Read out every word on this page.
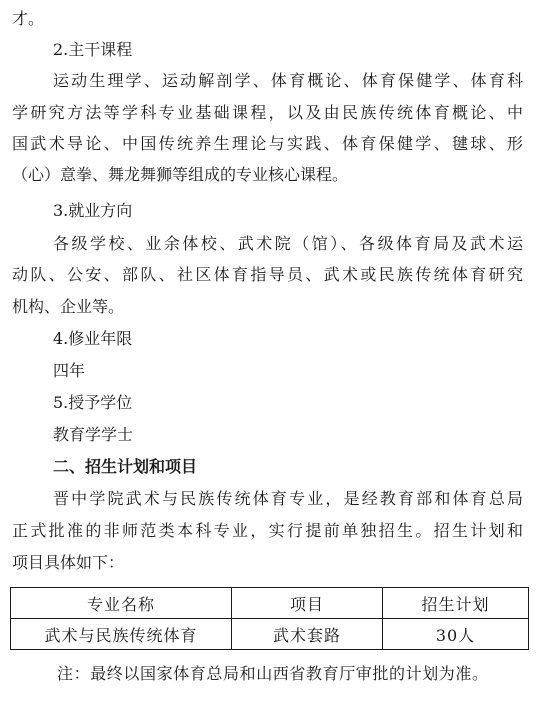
才。
2.主干课程
运动生理学、运动解剖学、体育概论、体育保健学、体育科
学研究方法等学科专业基础课程，以及由民族传统体育概论、中
国武术导论、中国传统养生理论与实践、体育保健学、毽球、形
（心）意拳、舞龙舞狮等组成的专业核心课程。
3.就业方向
各级学校、业余体校、武术院（馆）、各级体育局及武术运
动队、公安、部队、社区体育指导员、武术或民族传统体育研究
机构、企业等。
4.修业年限
四年
5.授予学位
教育学学士
二、招生计划和项目
晋中学院武术与民族传统体育专业，是经教育部和体育总局
正式批准的非师范类本科专业，实行提前单独招生。招生计划和
项目具体如下：
专业名称	项目	招生计划
武术与民族传统体育	武术套路	30人
注：最终以国家体育总局和山西省教育厅审批的计划为准。
